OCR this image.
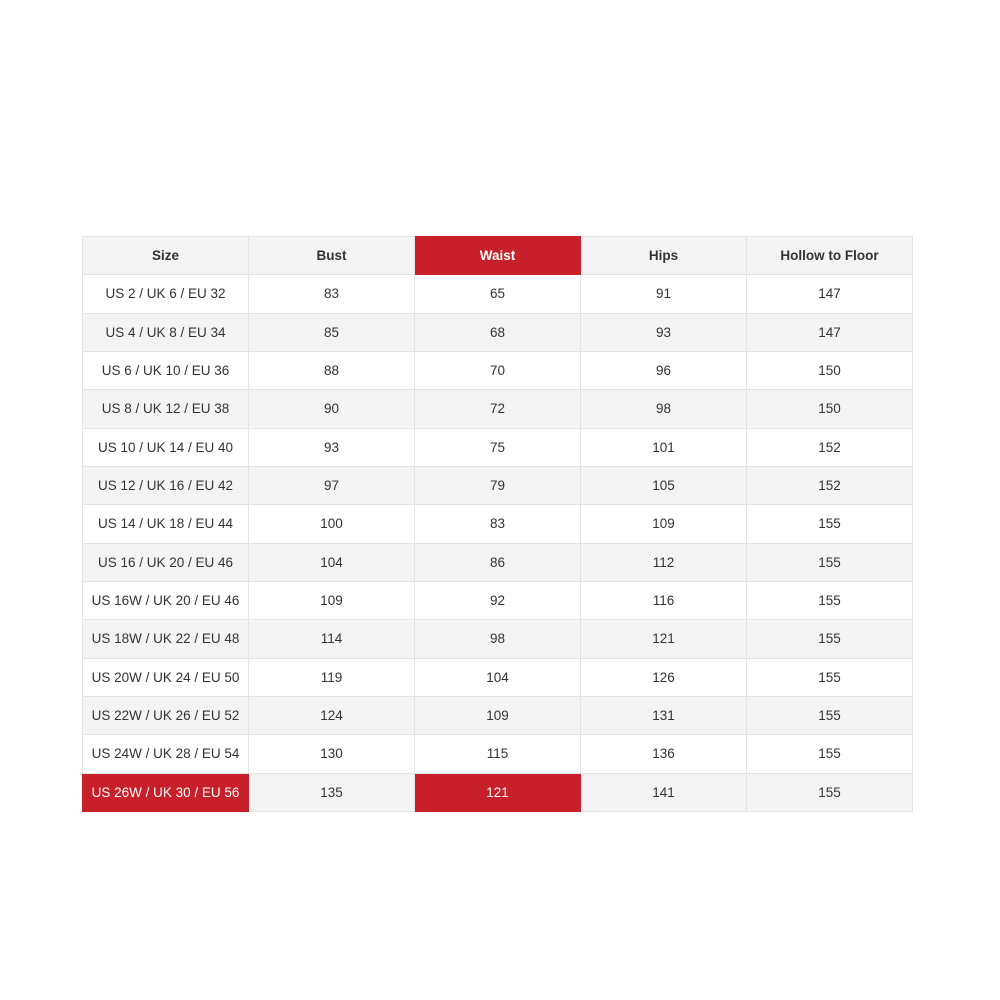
Size	Bust	Waist	Hips	Hollow to Floor
US 2 / UK 6 / EU 32	83	65	91	147
US 4 / UK 8 / EU 34	85	68	93	147
US 6 / UK 10 / EU 36	88	70	96	150
US 8 / UK 12 / EU 38	90	72	98	150
US 10 / UK 14 / EU 40	93	75	101	152
US 12 / UK 16 / EU 42	97	79	105	152
US 14 / UK 18 / EU 44	100	83	109	155
US 16 / UK 20 / EU 46	104	86	112	155
US 16W / UK 20 / EU 46	109	92	116	155
US 18W / UK 22 / EU 48	114	98	121	155
US 20W / UK 24 / EU 50	119	104	126	155
US 22W / UK 26 / EU 52	124	109	131	155
US 24W / UK 28 / EU 54	130	115	136	155
US 26W / UK 30 / EU 56	135	121	141	155
